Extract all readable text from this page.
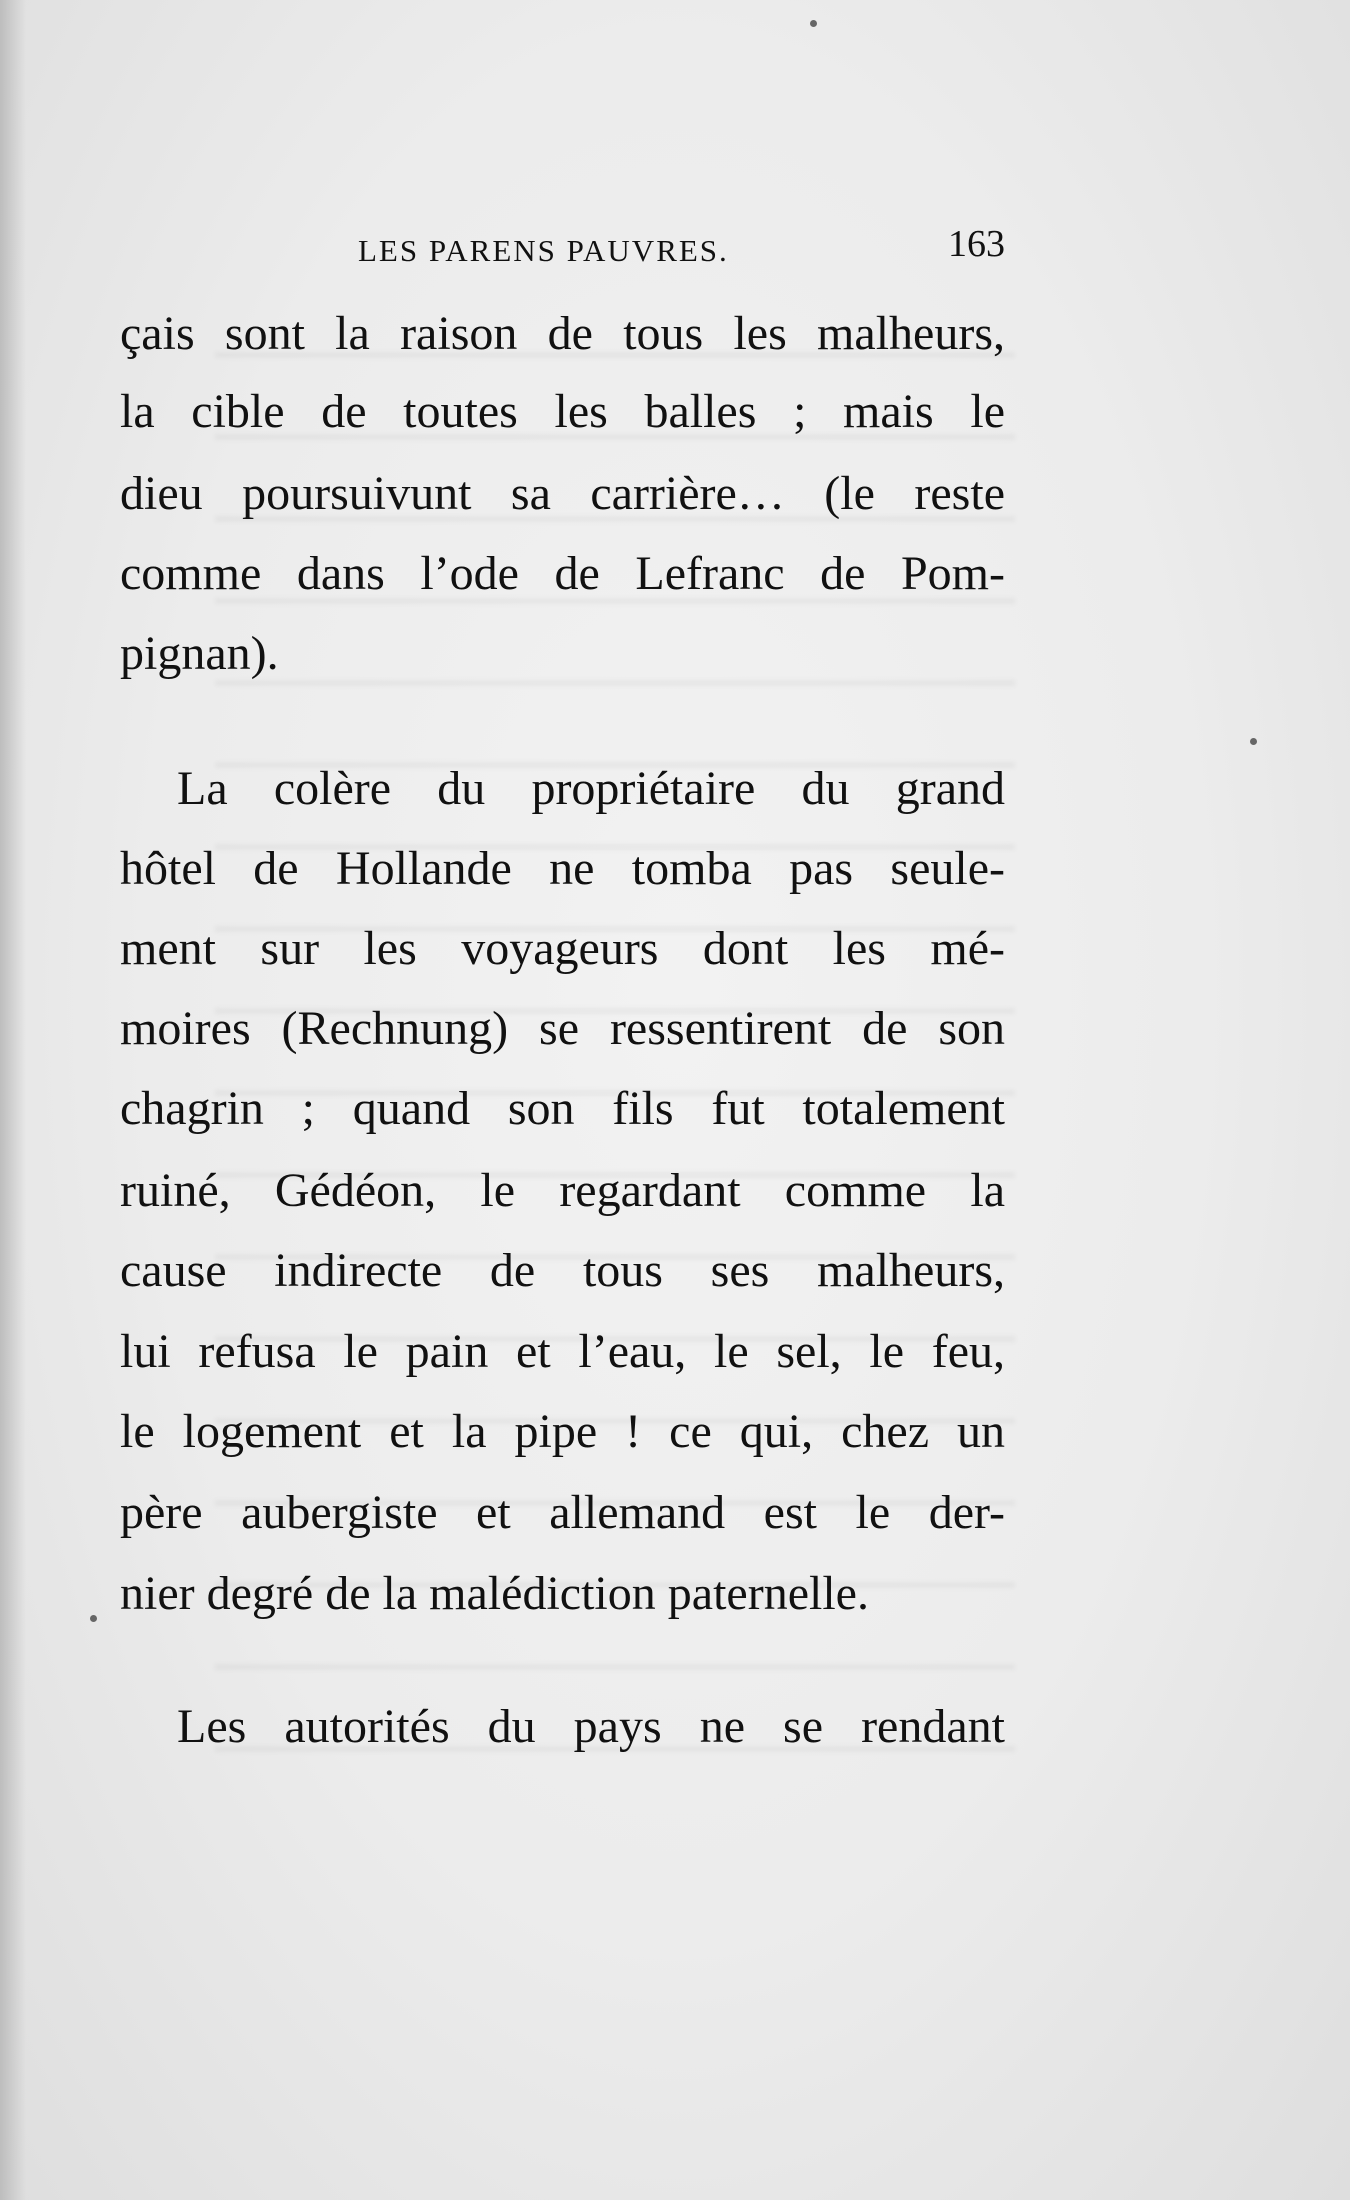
LES PARENS PAUVRES.	163
çais sont la raison de tous les malheurs,
la cible de toutes les balles ; mais le
dieu poursuivunt sa carrière… (le reste
comme dans l’ode de Lefranc de Pom-
pignan).
La colère du propriétaire du grand
hôtel de Hollande ne tomba pas seule-
ment sur les voyageurs dont les mé-
moires (Rechnung) se ressentirent de son
chagrin ; quand son fils fut totalement
ruiné, Gédéon, le regardant comme la
cause indirecte de tous ses malheurs,
lui refusa le pain et l’eau, le sel, le feu,
le logement et la pipe ! ce qui, chez un
père aubergiste et allemand est le der-
nier degré de la malédiction paternelle.
Les autorités du pays ne se rendant
